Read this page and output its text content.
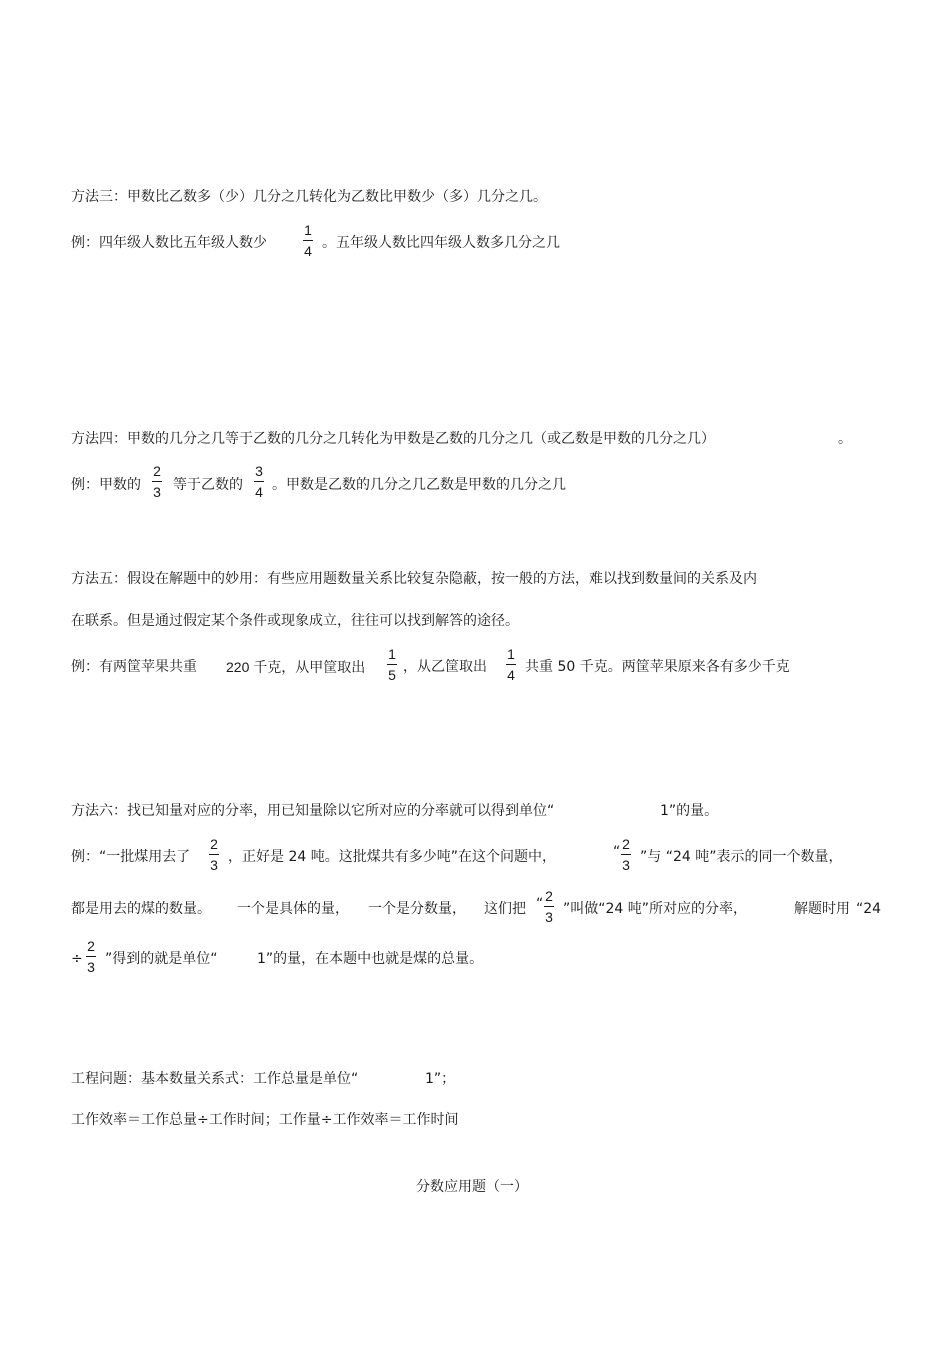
方法三：甲数比乙数多（少）几分之几转化为乙数比甲数少（多）几分之几。
例：四年级人数比五年级人数少
1
4 。五年级人数比四年级人数多几分之几
方法四：甲数的几分之几等于乙数的几分之几转化为甲数是乙数的几分之几（或乙数是甲数的几分之几）	。
例：甲数的
2
3 等于乙数的
3
4 。甲数是乙数的几分之几乙数是甲数的几分之几
方法五：假设在解题中的妙用：有些应用题数量关系比较复杂隐蔽，按一般的方法，难以找到数量间的关系及内
在联系。但是通过假定某个条件或现象成立，往往可以找到解答的途径。
例：有两筐苹果共重 220 千克，从甲筐取出
1
5 ，从乙筐取出
1
4 共重 50 千克。两筐苹果原来各有多少千克
方法六：找已知量对应的分率，用已知量除以它所对应的分率就可以得到单位“	1”的量。
例：“一批煤用去了
2
3 ，正好是 24 吨。这批煤共有多少吨”在这个问题中，	“ 2
3 ”与 “24 吨”表示的同一个数量，
都是用去的煤的数量。 一个是具体的量， 一个是分数量， 这们把 “ 2
3 ”叫做“24 吨”所对应的分率，	解题时用 “24
÷
2
3 ”得到的就是单位“	1”的量，在本题中也就是煤的总量。
工程问题：基本数量关系式：工作总量是单位“	1”；
工作效率＝工作总量÷工作时间；工作量÷工作效率＝工作时间
分数应用题（一）
